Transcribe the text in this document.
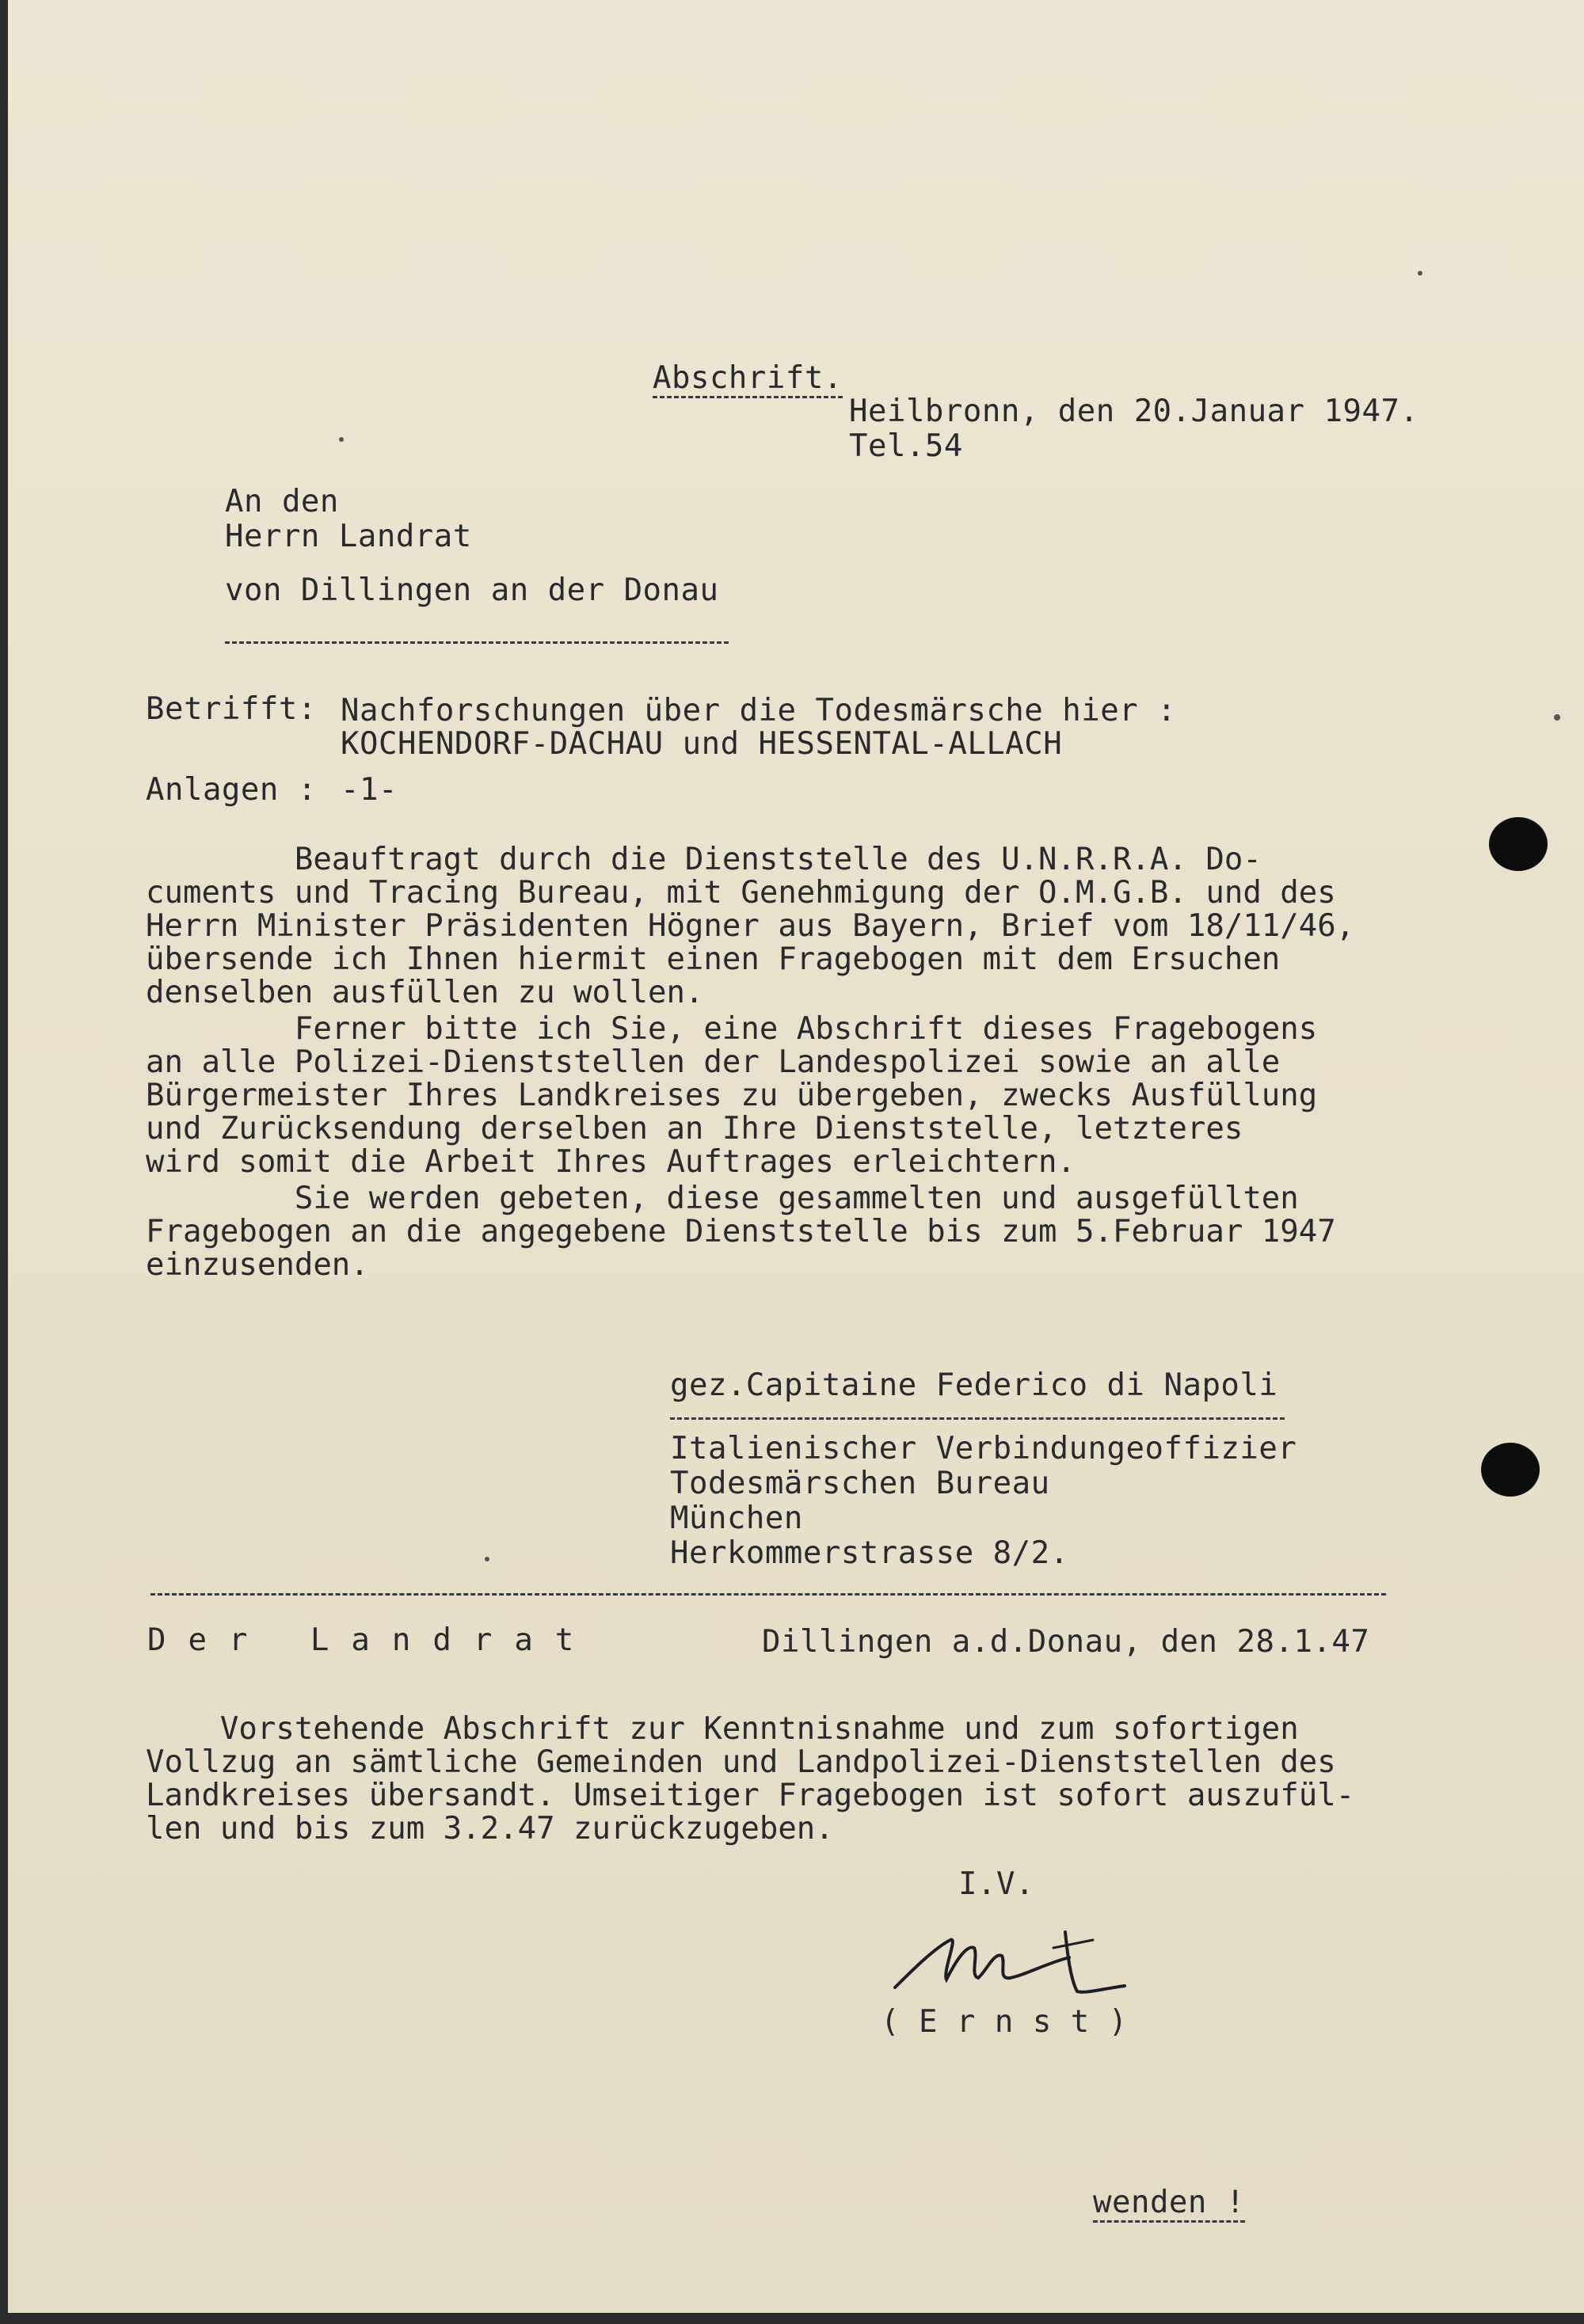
Abschrift.
Heilbronn, den 20.Januar 1947.
Tel.54
An den
Herrn Landrat
von Dillingen an der Donau
Betrifft: Nachforschungen über die Todesmärsche hier :
KOCHENDORF-DACHAU und HESSENTAL-ALLACH
Anlagen : -1-
Beauftragt durch die Dienststelle des U.N.R.R.A. Do-
cuments und Tracing Bureau, mit Genehmigung der O.M.G.B. und des
Herrn Minister Präsidenten Högner aus Bayern, Brief vom 18/11/46,
übersende ich Ihnen hiermit einen Fragebogen mit dem Ersuchen
denselben ausfüllen zu wollen.
Ferner bitte ich Sie, eine Abschrift dieses Fragebogens
an alle Polizei-Dienststellen der Landespolizei sowie an alle
Bürgermeister Ihres Landkreises zu übergeben, zwecks Ausfüllung
und Zurücksendung derselben an Ihre Dienststelle, letzteres
wird somit die Arbeit Ihres Auftrages erleichtern.
Sie werden gebeten, diese gesammelten und ausgefüllten
Fragebogen an die angegebene Dienststelle bis zum 5.Februar 1947
einzusenden.
gez.Capitaine Federico di Napoli
Italienischer Verbindungeoffizier
Todesmärschen Bureau
München
Herkommerstrasse 8/2.
Der Landrat	Dillingen a.d.Donau, den 28.1.47
Vorstehende Abschrift zur Kenntnisnahme und zum sofortigen
Vollzug an sämtliche Gemeinden und Landpolizei-Dienststellen des
Landkreises übersandt. Umseitiger Fragebogen ist sofort auszufül-
len und bis zum 3.2.47 zurückzugeben.
I.V.
( E r n s t )
wenden !
